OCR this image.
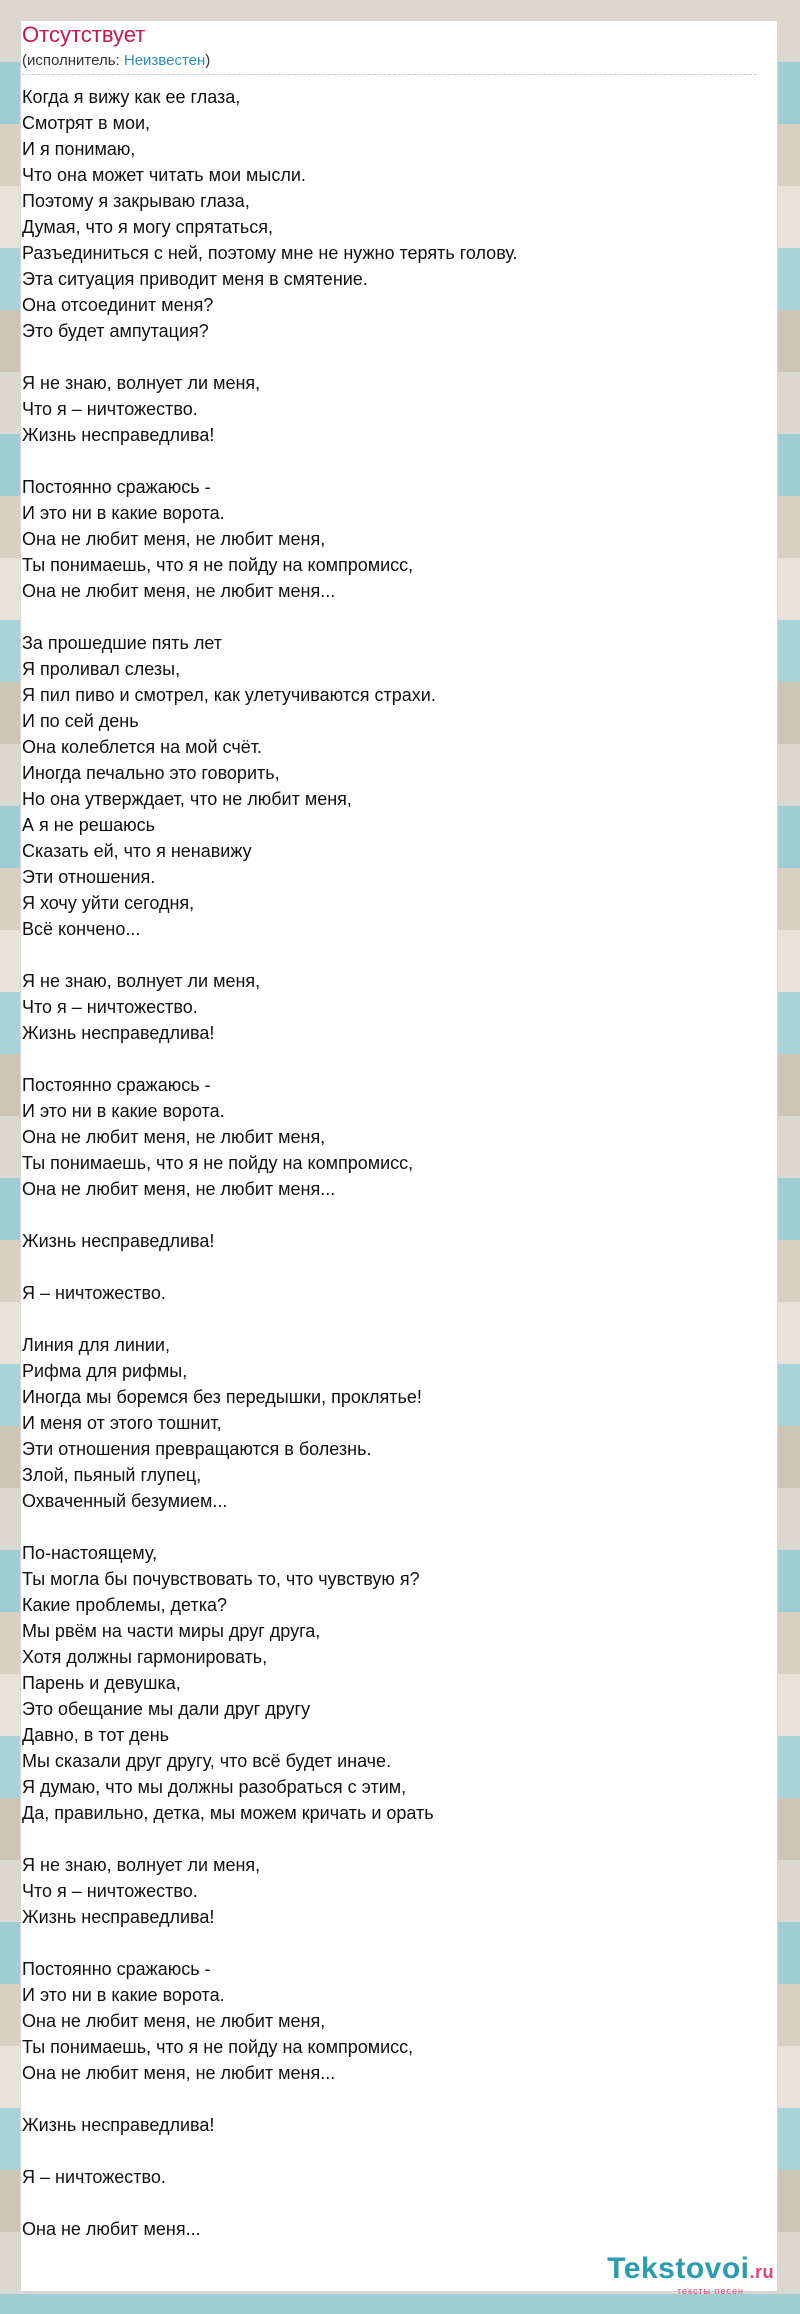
Отсутствует
(исполнитель: Неизвестен)
Когда я вижу как ее глаза,
Смотрят в мои,
И я понимаю,
Что она может читать мои мысли.
Поэтому я закрываю глаза,
Думая, что я могу спрятаться,
Разъединиться с ней, поэтому мне не нужно терять голову.
Эта ситуация приводит меня в смятение.
Она отсоединит меня?
Это будет ампутация?
Я не знаю, волнует ли меня,
Что я – ничтожество.
Жизнь несправедлива!
Постоянно сражаюсь -
И это ни в какие ворота.
Она не любит меня, не любит меня,
Ты понимаешь, что я не пойду на компромисс,
Она не любит меня, не любит меня...
За прошедшие пять лет
Я проливал слезы,
Я пил пиво и смотрел, как улетучиваются страхи.
И по сей день
Она колеблется на мой счёт.
Иногда печально это говорить,
Но она утверждает, что не любит меня,
А я не решаюсь
Сказать ей, что я ненавижу
Эти отношения.
Я хочу уйти сегодня,
Всё кончено...
Я не знаю, волнует ли меня,
Что я – ничтожество.
Жизнь несправедлива!
Постоянно сражаюсь -
И это ни в какие ворота.
Она не любит меня, не любит меня,
Ты понимаешь, что я не пойду на компромисс,
Она не любит меня, не любит меня...
Жизнь несправедлива!
Я – ничтожество.
Линия для линии,
Рифма для рифмы,
Иногда мы боремся без передышки, проклятье!
И меня от этого тошнит,
Эти отношения превращаются в болезнь.
Злой, пьяный глупец,
Охваченный безумием...
По-настоящему,
Ты могла бы почувствовать то, что чувствую я?
Какие проблемы, детка?
Мы рвём на части миры друг друга,
Хотя должны гармонировать,
Парень и девушка,
Это обещание мы дали друг другу
Давно, в тот день
Мы сказали друг другу, что всё будет иначе.
Я думаю, что мы должны разобраться с этим,
Да, правильно, детка, мы можем кричать и орать
Я не знаю, волнует ли меня,
Что я – ничтожество.
Жизнь несправедлива!
Постоянно сражаюсь -
И это ни в какие ворота.
Она не любит меня, не любит меня,
Ты понимаешь, что я не пойду на компромисс,
Она не любит меня, не любит меня...
Жизнь несправедлива!
Я – ничтожество.
Она не любит меня...
Tekstovoi.ru
тексты песен
